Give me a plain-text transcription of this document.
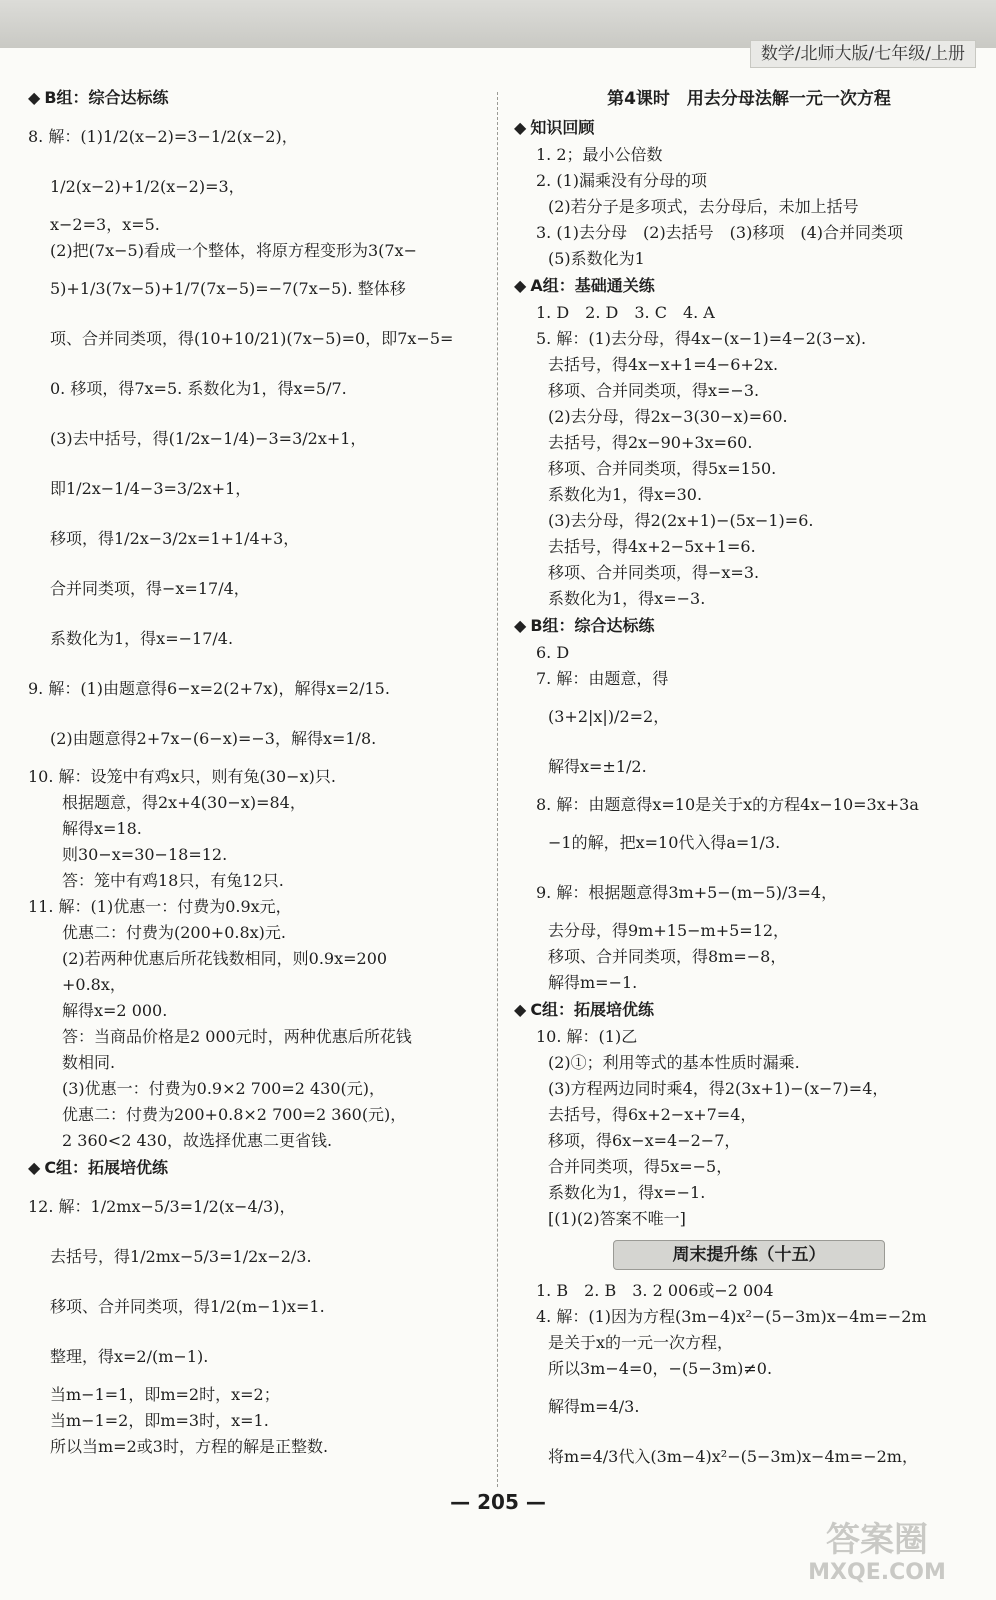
数学/北师大版/七年级/上册
◆ B组：综合达标练
8. 解：(1)1/2(x−2)=3−1/2(x−2)，
1/2(x−2)+1/2(x−2)=3，
x−2=3，x=5.
(2)把(7x−5)看成一个整体，将原方程变形为3(7x−
5)+1/3(7x−5)+1/7(7x−5)=−7(7x−5). 整体移
项、合并同类项，得(10+10/21)(7x−5)=0，即7x−5=
0. 移项，得7x=5. 系数化为1，得x=5/7.
(3)去中括号，得(1/2x−1/4)−3=3/2x+1，
即1/2x−1/4−3=3/2x+1，
移项，得1/2x−3/2x=1+1/4+3，
合并同类项，得−x=17/4，
系数化为1，得x=−17/4.
9. 解：(1)由题意得6−x=2(2+7x)，解得x=2/15.
(2)由题意得2+7x−(6−x)=−3，解得x=1/8.
10. 解：设笼中有鸡x只，则有兔(30−x)只.
根据题意，得2x+4(30−x)=84，
解得x=18.
则30−x=30−18=12.
答：笼中有鸡18只，有兔12只.
11. 解：(1)优惠一：付费为0.9x元，
优惠二：付费为(200+0.8x)元.
(2)若两种优惠后所花钱数相同，则0.9x=200
+0.8x，
解得x=2 000.
答：当商品价格是2 000元时，两种优惠后所花钱
数相同.
(3)优惠一：付费为0.9×2 700=2 430(元)，
优惠二：付费为200+0.8×2 700=2 360(元)，
2 360<2 430，故选择优惠二更省钱.
◆ C组：拓展培优练
12. 解：1/2mx−5/3=1/2(x−4/3)，
去括号，得1/2mx−5/3=1/2x−2/3.
移项、合并同类项，得1/2(m−1)x=1.
整理，得x=2/(m−1).
当m−1=1，即m=2时，x=2；
当m−1=2，即m=3时，x=1.
所以当m=2或3时，方程的解是正整数.
第4课时　用去分母法解一元一次方程
◆ 知识回顾
1. 2；最小公倍数
2. (1)漏乘没有分母的项
(2)若分子是多项式，去分母后，未加上括号
3. (1)去分母　(2)去括号　(3)移项　(4)合并同类项
(5)系数化为1
◆ A组：基础通关练
1. D　2. D　3. C　4. A
5. 解：(1)去分母，得4x−(x−1)=4−2(3−x).
去括号，得4x−x+1=4−6+2x.
移项、合并同类项，得x=−3.
(2)去分母，得2x−3(30−x)=60.
去括号，得2x−90+3x=60.
移项、合并同类项，得5x=150.
系数化为1，得x=30.
(3)去分母，得2(2x+1)−(5x−1)=6.
去括号，得4x+2−5x+1=6.
移项、合并同类项，得−x=3.
系数化为1，得x=−3.
◆ B组：综合达标练
6. D
7. 解：由题意，得
(3+2|x|)/2=2，
解得x=±1/2.
8. 解：由题意得x=10是关于x的方程4x−10=3x+3a
−1的解，把x=10代入得a=1/3.
9. 解：根据题意得3m+5−(m−5)/3=4，
去分母，得9m+15−m+5=12，
移项、合并同类项，得8m=−8，
解得m=−1.
◆ C组：拓展培优练
10. 解：(1)乙
(2)①；利用等式的基本性质时漏乘.
(3)方程两边同时乘4，得2(3x+1)−(x−7)=4，
去括号，得6x+2−x+7=4，
移项，得6x−x=4−2−7，
合并同类项，得5x=−5，
系数化为1，得x=−1.
[(1)(2)答案不唯一]
周末提升练（十五）
1. B　2. B　3. 2 006或−2 004
4. 解：(1)因为方程(3m−4)x²−(5−3m)x−4m=−2m
是关于x的一元一次方程，
所以3m−4=0，−(5−3m)≠0.
解得m=4/3.
将m=4/3代入(3m−4)x²−(5−3m)x−4m=−2m，
— 205 —
答案圈
MXQE.COM
